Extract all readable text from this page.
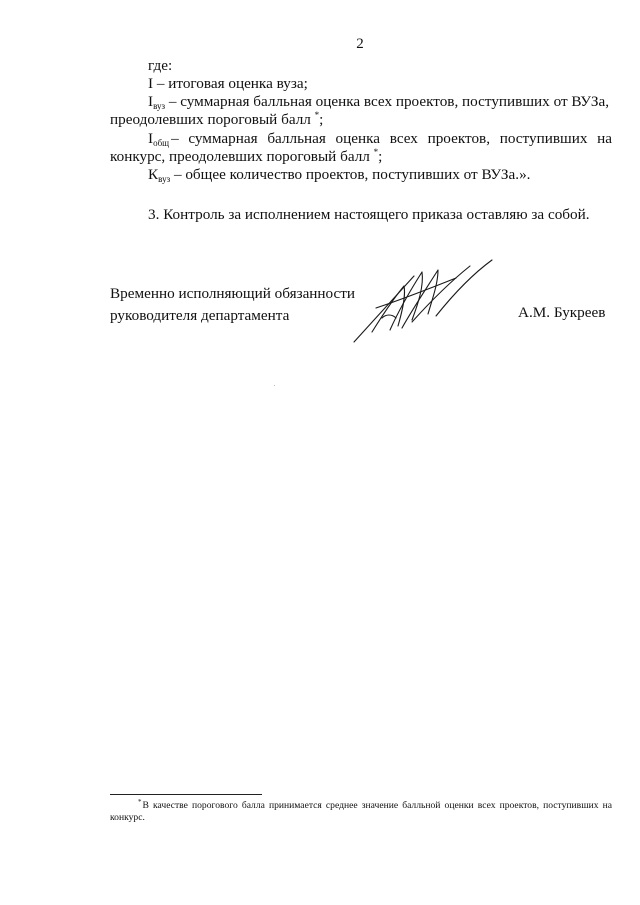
2
где:
I – итоговая оценка вуза;
$I_{вуз}$ – суммарная балльная оценка всех проектов, поступивших от ВУЗа,
преодолевших пороговый балл *;
$I_{общ}$ – суммарная балльная оценка всех проектов, поступивших на
конкурс, преодолевших пороговый балл *;
$К_{вуз}$ – общее количество проектов, поступивших от ВУЗа.».
3. Контроль за исполнением настоящего приказа оставляю за собой.
Временно исполняющий обязанности
руководителя департамента	А.М. Букреев
*В качестве порогового балла принимается среднее значение балльной оценки всех проектов, поступивших на конкурс.
